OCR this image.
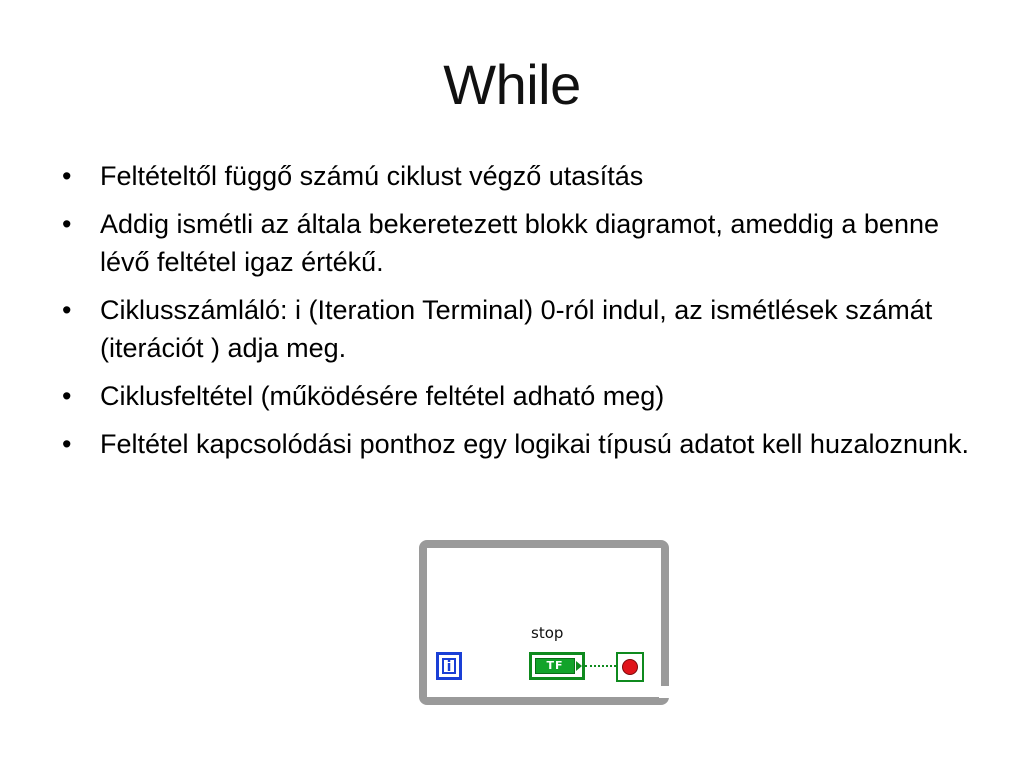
While
•	Feltételtől függő számú ciklust végző utasítás
•	Addig ismétli az általa bekeretezett blokk diagramot, ameddig a benne lévő feltétel igaz értékű.
•	Ciklusszámláló: i (Iteration Terminal) 0-ról indul, az ismétlések számát (iterációt ) adja meg.
•	Ciklusfeltétel (működésére feltétel adható meg)
•	Feltétel kapcsolódási ponthoz egy logikai típusú adatot kell huzaloznunk.
i
stop
TF
